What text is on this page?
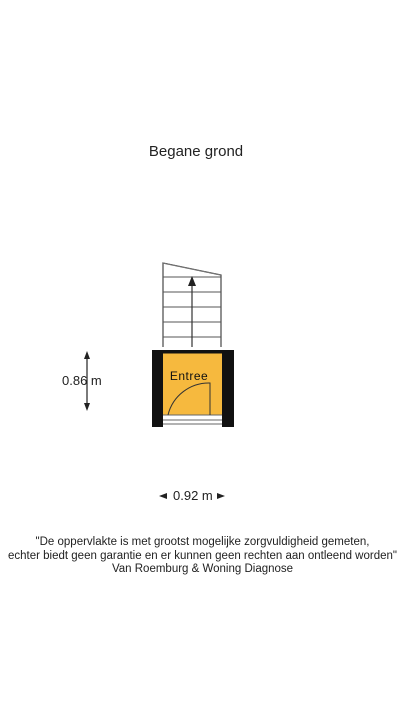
Begane grond
Entree
0.86 m
0.92 m
"De oppervlakte is met grootst mogelijke zorgvuldigheid gemeten,
echter biedt geen garantie en er kunnen geen rechten aan ontleend worden"
Van Roemburg & Woning Diagnose
